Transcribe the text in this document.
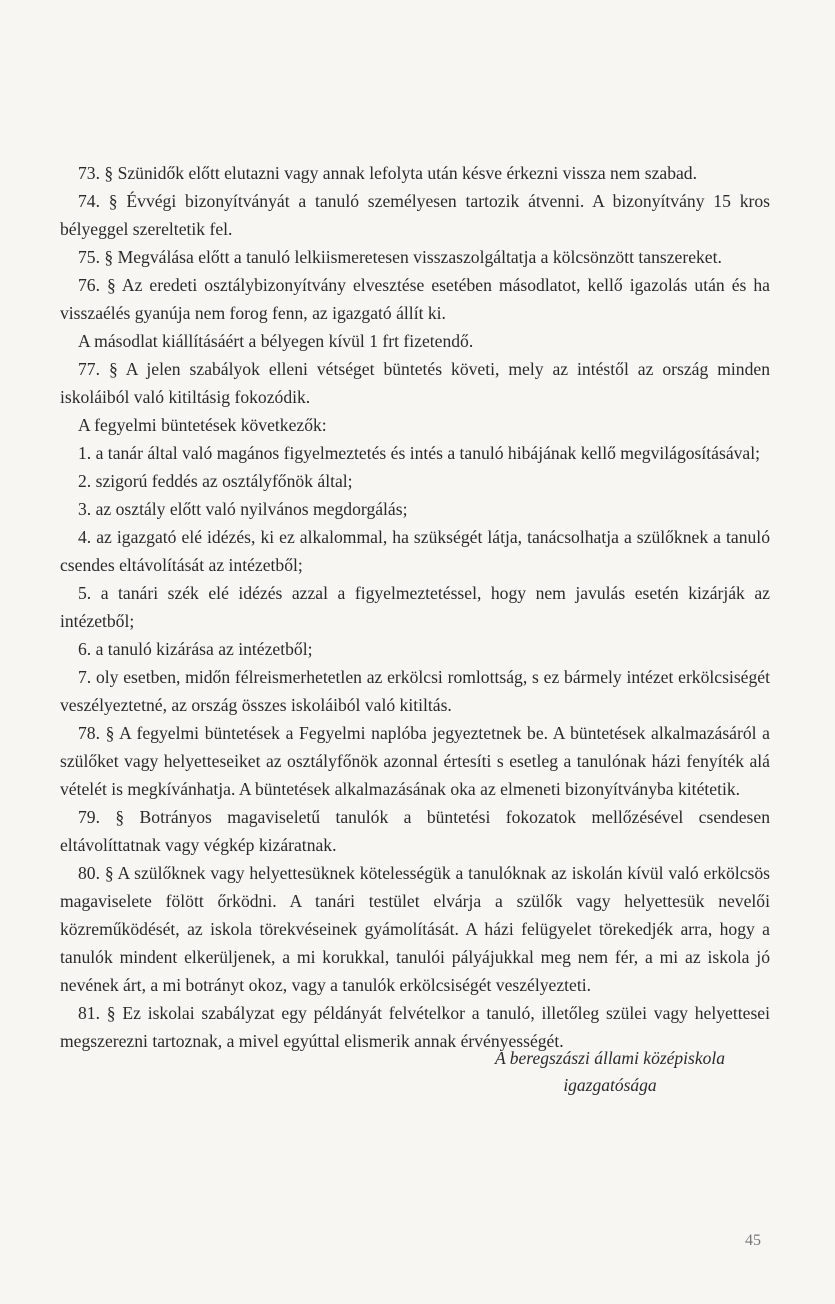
73. § Szünidők előtt elutazni vagy annak lefolyta után késve érkezni vissza nem szabad.

74. § Évvégi bizonyítványát a tanuló személyesen tartozik átvenni. A bizonyítvány 15 kros bélyeggel szereltetik fel.

75. § Megválása előtt a tanuló lelkiismeretesen visszaszolgáltatja a kölcsönzött tanszereket.

76. § Az eredeti osztálybizonyítvány elvesztése esetében másodlatot, kellő igazolás után és ha visszaélés gyanúja nem forog fenn, az igazgató állít ki.

A másodlat kiállításáért a bélyegen kívül 1 frt fizetendő.

77. § A jelen szabályok elleni vétséget büntetés követi, mely az intéstől az ország minden iskoláiból való kitiltásig fokozódik.

A fegyelmi büntetések következők:

1. a tanár által való magános figyelmeztetés és intés a tanuló hibájának kellő megvilágosításával;

2. szigorú feddés az osztályfőnök által;

3. az osztály előtt való nyilvános megdorgálás;

4. az igazgató elé idézés, ki ez alkalommal, ha szükségét látja, tanácsolhatja a szülőknek a tanuló csendes eltávolítását az intézetből;

5. a tanári szék elé idézés azzal a figyelmeztetéssel, hogy nem javulás esetén kizárják az intézetből;

6. a tanuló kizárása az intézetből;

7. oly esetben, midőn félreismerhetetlen az erkölcsi romlottság, s ez bármely intézet erkölcsiségét veszélyeztetné, az ország összes iskoláiból való kitiltás.

78. § A fegyelmi büntetések a Fegyelmi naplóba jegyeztetnek be. A büntetések alkalmazásáról a szülőket vagy helyetteseiket az osztályfőnök azonnal értesíti s esetleg a tanulónak házi fenyíték alá vételét is megkívánhatja. A büntetések alkalmazásának oka az elmeneti bizonyítványba kitétetik.

79. § Botrányos magaviseletű tanulók a büntetési fokozatok mellőzésével csendesen eltávolíttatnak vagy végkép kizáratnak.

80. § A szülőknek vagy helyettesüknek kötelességük a tanulóknak az iskolán kívül való erkölcsös magaviselete fölött őrködni. A tanári testület elvárja a szülők vagy helyettesük nevelői közreműködését, az iskola törekvéseinek gyámolítását. A házi felügyelet törekedjék arra, hogy a tanulók mindent elkerüljenek, a mi korukkal, tanulói pályájukkal meg nem fér, a mi az iskola jó nevének árt, a mi botrányt okoz, vagy a tanulók erkölcsiségét veszélyezteti.

81. § Ez iskolai szabályzat egy példányát felvételkor a tanuló, illetőleg szülei vagy helyettesei megszerezni tartoznak, a mivel egyúttal elismerik annak érvényességét.

A beregszászi állami középiskola
igazgatósága
45
